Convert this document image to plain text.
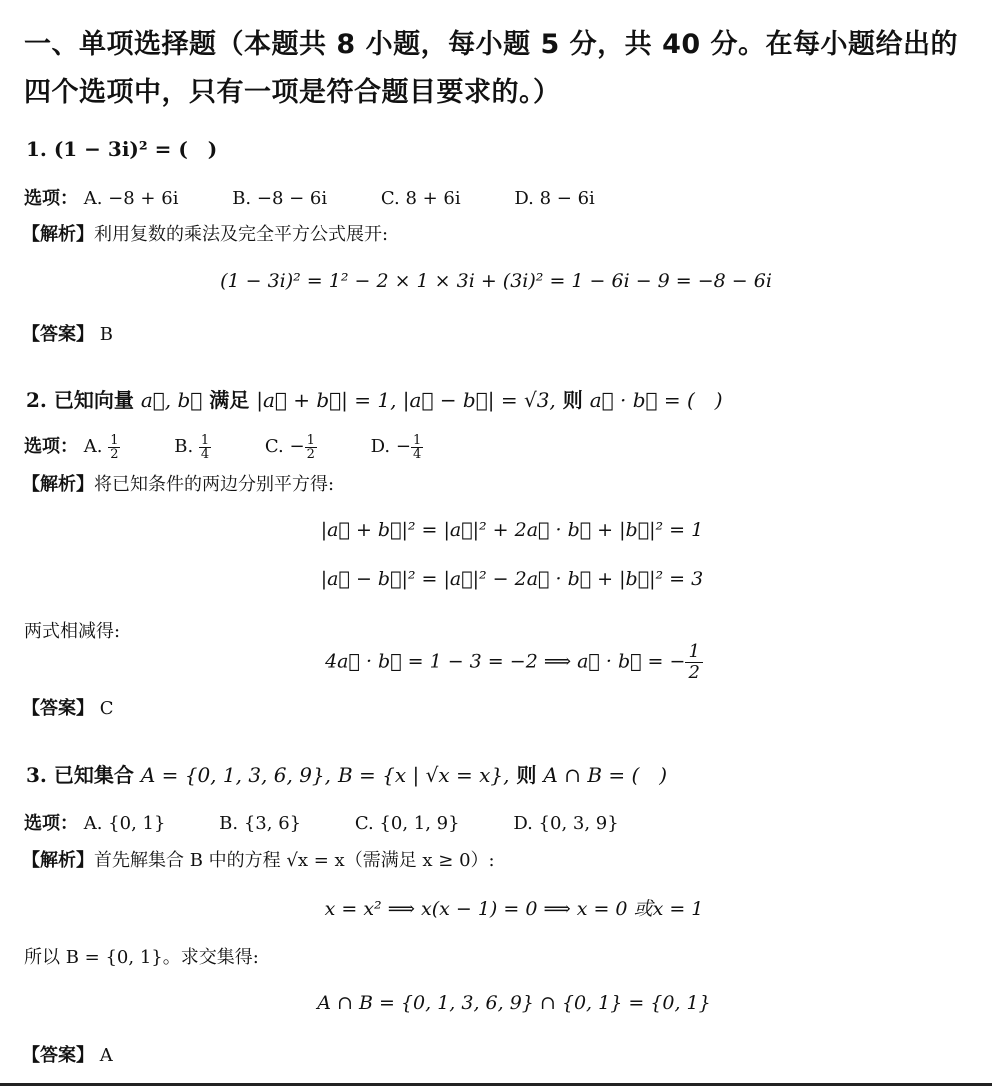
一、单项选择题（本题共 8 小题，每小题 5 分，共 40 分。在每小题给出的
四个选项中，只有一项是符合题目要求的。）
1. (1 − 3i)² = (　)
选项： A. −8 + 6i	B. −8 − 6i	C. 8 + 6i	D. 8 − 6i
【解析】利用复数的乘法及完全平方公式展开:
(1 − 3i)² = 1² − 2 × 1 × 3i + (3i)² = 1 − 6i − 9 = −8 − 6i
【答案】 B
2. 已知向量 a⃗, b⃗ 满足 |a⃗ + b⃗| = 1, |a⃗ − b⃗| = √3, 则 a⃗ · b⃗ = (　)
选项： A. $\frac{1}{2}$	B. $\frac{1}{4}$	C. − $\frac{1}{2}$	D. − $\frac{1}{4}$
【解析】将已知条件的两边分别平方得:
|a⃗ + b⃗|² = |a⃗|² + 2a⃗ · b⃗ + |b⃗|² = 1
|a⃗ − b⃗|² = |a⃗|² − 2a⃗ · b⃗ + |b⃗|² = 3
两式相减得:
4a⃗ · b⃗ = 1 − 3 = −2 ⟹ a⃗ · b⃗ = − $\frac{1}{2}$
【答案】 C
3. 已知集合 A = {0, 1, 3, 6, 9}, B = {x | √x = x}, 则 A ∩ B = (　)
选项： A. {0, 1}	B. {3, 6}	C. {0, 1, 9}	D. {0, 3, 9}
【解析】首先解集合 B 中的方程 √x = x（需满足 x ≥ 0）:
x = x² ⟹ x(x − 1) = 0 ⟹ x = 0 或x = 1
所以 B = {0, 1}。求交集得:
A ∩ B = {0, 1, 3, 6, 9} ∩ {0, 1} = {0, 1}
【答案】 A
